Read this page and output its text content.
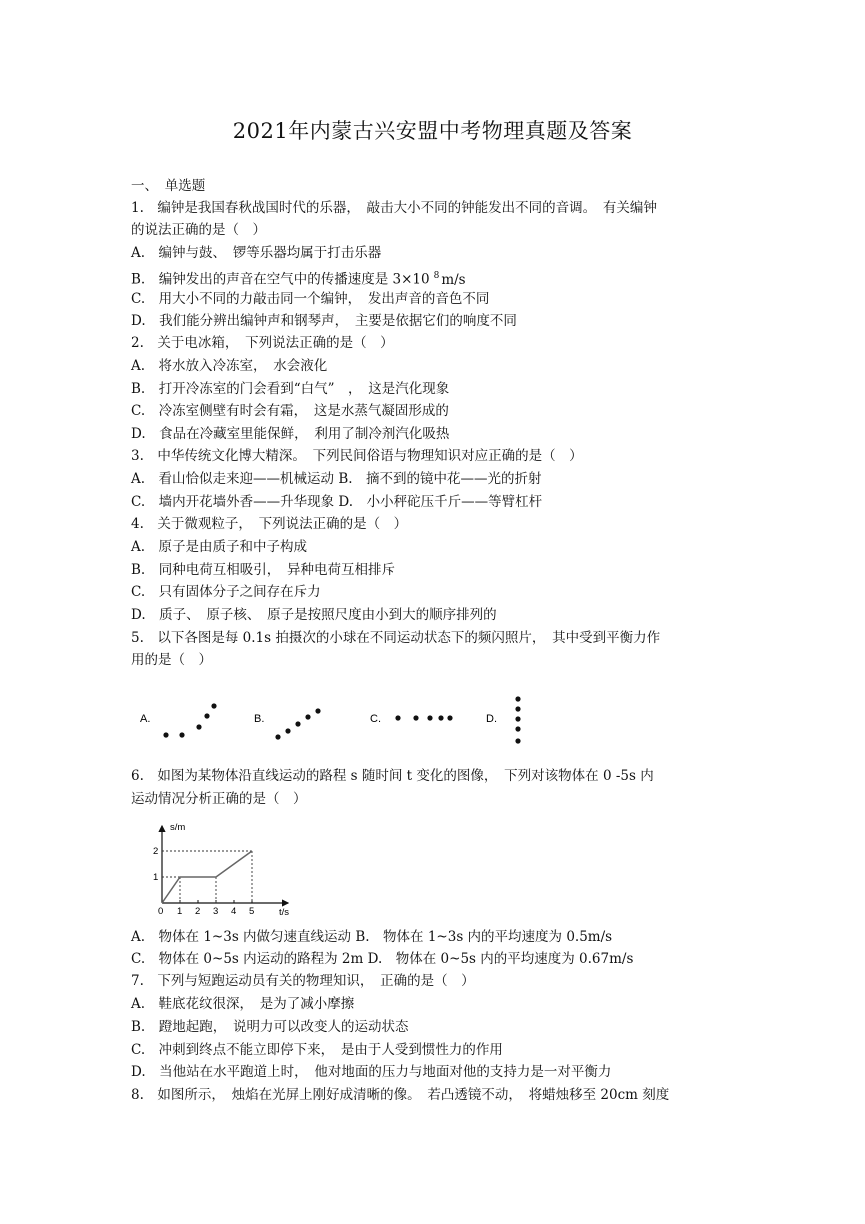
2021年内蒙古兴安盟中考物理真题及答案
一、　单选题
1.　编钟是我国春秋战国时代的乐器，　敲击大小不同的钟能发出不同的音调。　有关编钟
的说法正确的是（　）
A.　编钟与鼓、　锣等乐器均属于打击乐器
B.　编钟发出的声音在空气中的传播速度是 3×10 $^8$ m/s
C.　用大小不同的力敲击同一个编钟，　发出声音的音色不同
D.　我们能分辨出编钟声和钢琴声，　主要是依据它们的响度不同
2.　关于电冰箱，　下列说法正确的是（　）
A.　将水放入冷冻室，　水会液化
B.　打开冷冻室的门会看到“白气”　，　这是汽化现象
C.　冷冻室侧壁有时会有霜，　这是水蒸气凝固形成的
D.　食品在冷藏室里能保鲜，　利用了制冷剂汽化吸热
3.　中华传统文化博大精深。　下列民间俗语与物理知识对应正确的是（　）
A.　看山恰似走来迎——机械运动 B.　摘不到的镜中花——光的折射
C.　墙内开花墙外香——升华现象 D.　小小秤砣压千斤——等臂杠杆
4.　关于微观粒子，　下列说法正确的是（　）
A.　原子是由质子和中子构成
B.　同种电荷互相吸引，　异种电荷互相排斥
C.　只有固体分子之间存在斥力
D.　质子、　原子核、　原子是按照尺度由小到大的顺序排列的
5.　以下各图是每 0.1s 拍摄次的小球在不同运动状态下的频闪照片，　其中受到平衡力作
用的是（　）
A.	B.	C.	D.
6.　如图为某物体沿直线运动的路程 s 随时间 t 变化的图像，　下列对该物体在 0 -5s 内
运动情况分析正确的是（　）
s/m
t/s
0 1 2 3 4 5
1
2
A.　物体在 1~3s 内做匀速直线运动 B.　物体在 1~3s 内的平均速度为 0.5m/s
C.　物体在 0~5s 内运动的路程为 2m D.　物体在 0~5s 内的平均速度为 0.67m/s
7.　下列与短跑运动员有关的物理知识，　正确的是（　）
A.　鞋底花纹很深，　是为了减小摩擦
B.　蹬地起跑，　说明力可以改变人的运动状态
C.　冲刺到终点不能立即停下来，　是由于人受到惯性力的作用
D.　当他站在水平跑道上时，　他对地面的压力与地面对他的支持力是一对平衡力
8.　如图所示，　烛焰在光屏上刚好成清晰的像。　若凸透镜不动，　将蜡烛移至 20cm 刻度
